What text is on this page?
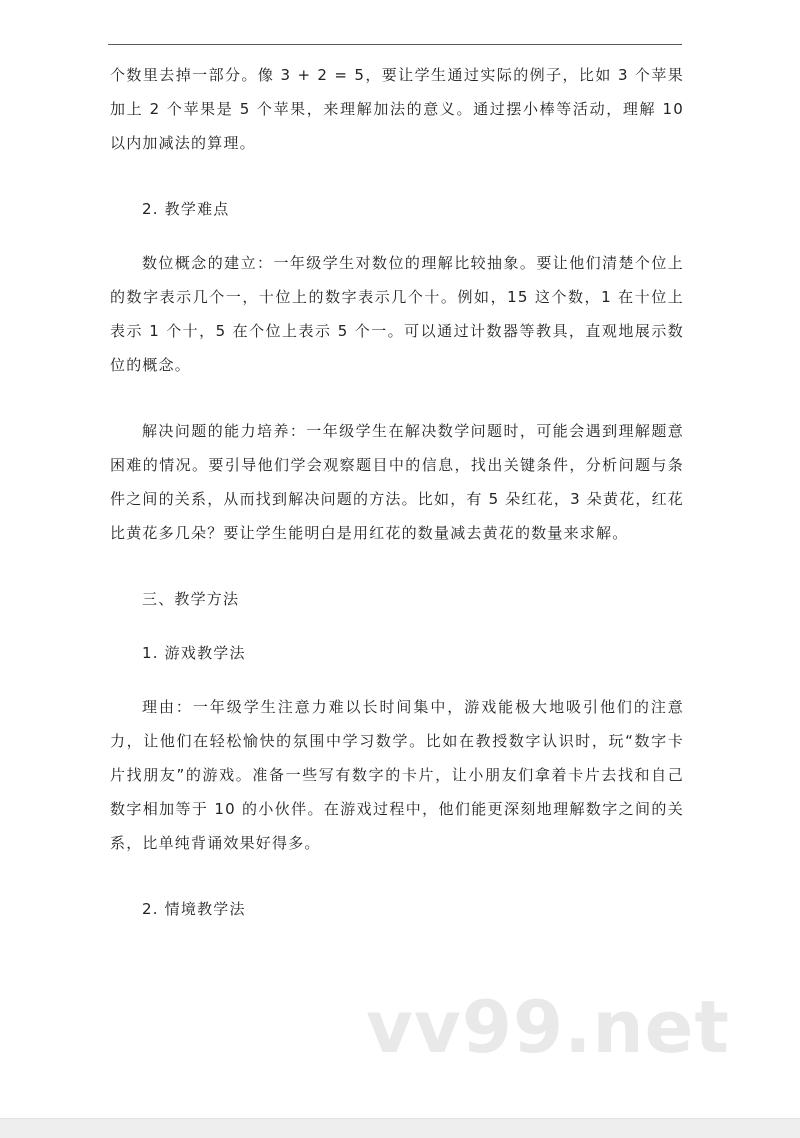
个数里去掉一部分。像 3 + 2 = 5，要让学生通过实际的例子，比如 3 个苹果加上 2 个苹果是 5 个苹果，来理解加法的意义。通过摆小棒等活动，理解 10 以内加减法的算理。

2. 教学难点

数位概念的建立：一年级学生对数位的理解比较抽象。要让他们清楚个位上的数字表示几个一，十位上的数字表示几个十。例如，15 这个数，1 在十位上表示 1 个十，5 在个位上表示 5 个一。可以通过计数器等教具，直观地展示数位的概念。

解决问题的能力培养：一年级学生在解决数学问题时，可能会遇到理解题意困难的情况。要引导他们学会观察题目中的信息，找出关键条件，分析问题与条件之间的关系，从而找到解决问题的方法。比如，有 5 朵红花，3 朵黄花，红花比黄花多几朵？要让学生能明白是用红花的数量减去黄花的数量来求解。

三、教学方法

1. 游戏教学法

理由：一年级学生注意力难以长时间集中，游戏能极大地吸引他们的注意力，让他们在轻松愉快的氛围中学习数学。比如在教授数字认识时，玩“数字卡片找朋友”的游戏。准备一些写有数字的卡片，让小朋友们拿着卡片去找和自己数字相加等于 10 的小伙伴。在游戏过程中，他们能更深刻地理解数字之间的关系，比单纯背诵效果好得多。

2. 情境教学法

vv99.net
